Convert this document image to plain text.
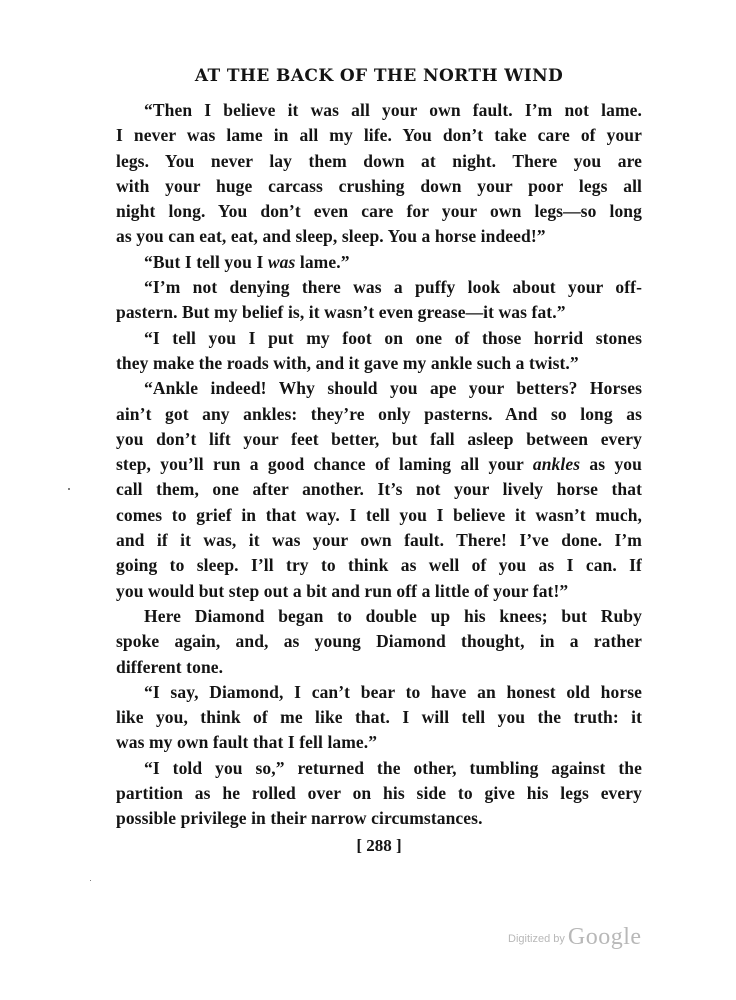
AT THE BACK OF THE NORTH WIND

“Then I believe it was all your own fault. I’m not lame.
I never was lame in all my life. You don’t take care of your
legs. You never lay them down at night. There you are
with your huge carcass crushing down your poor legs all
night long. You don’t even care for your own legs—so long
as you can eat, eat, and sleep, sleep. You a horse indeed!”

“But I tell you I was lame.”

“I’m not denying there was a puffy look about your off-
pastern. But my belief is, it wasn’t even grease—it was fat.”

“I tell you I put my foot on one of those horrid stones
they make the roads with, and it gave my ankle such a twist.”

“Ankle indeed! Why should you ape your betters? Horses
ain’t got any ankles: they’re only pasterns. And so long as
you don’t lift your feet better, but fall asleep between every
step, you’ll run a good chance of laming all your ankles as you
call them, one after another. It’s not your lively horse that
comes to grief in that way. I tell you I believe it wasn’t much,
and if it was, it was your own fault. There! I’ve done. I’m
going to sleep. I’ll try to think as well of you as I can. If
you would but step out a bit and run off a little of your fat!”

Here Diamond began to double up his knees; but Ruby
spoke again, and, as young Diamond thought, in a rather
different tone.

“I say, Diamond, I can’t bear to have an honest old horse
like you, think of me like that. I will tell you the truth: it
was my own fault that I fell lame.”

“I told you so,” returned the other, tumbling against the
partition as he rolled over on his side to give his legs every
possible privilege in their narrow circumstances.

[ 288 ]
Digitized by Google
